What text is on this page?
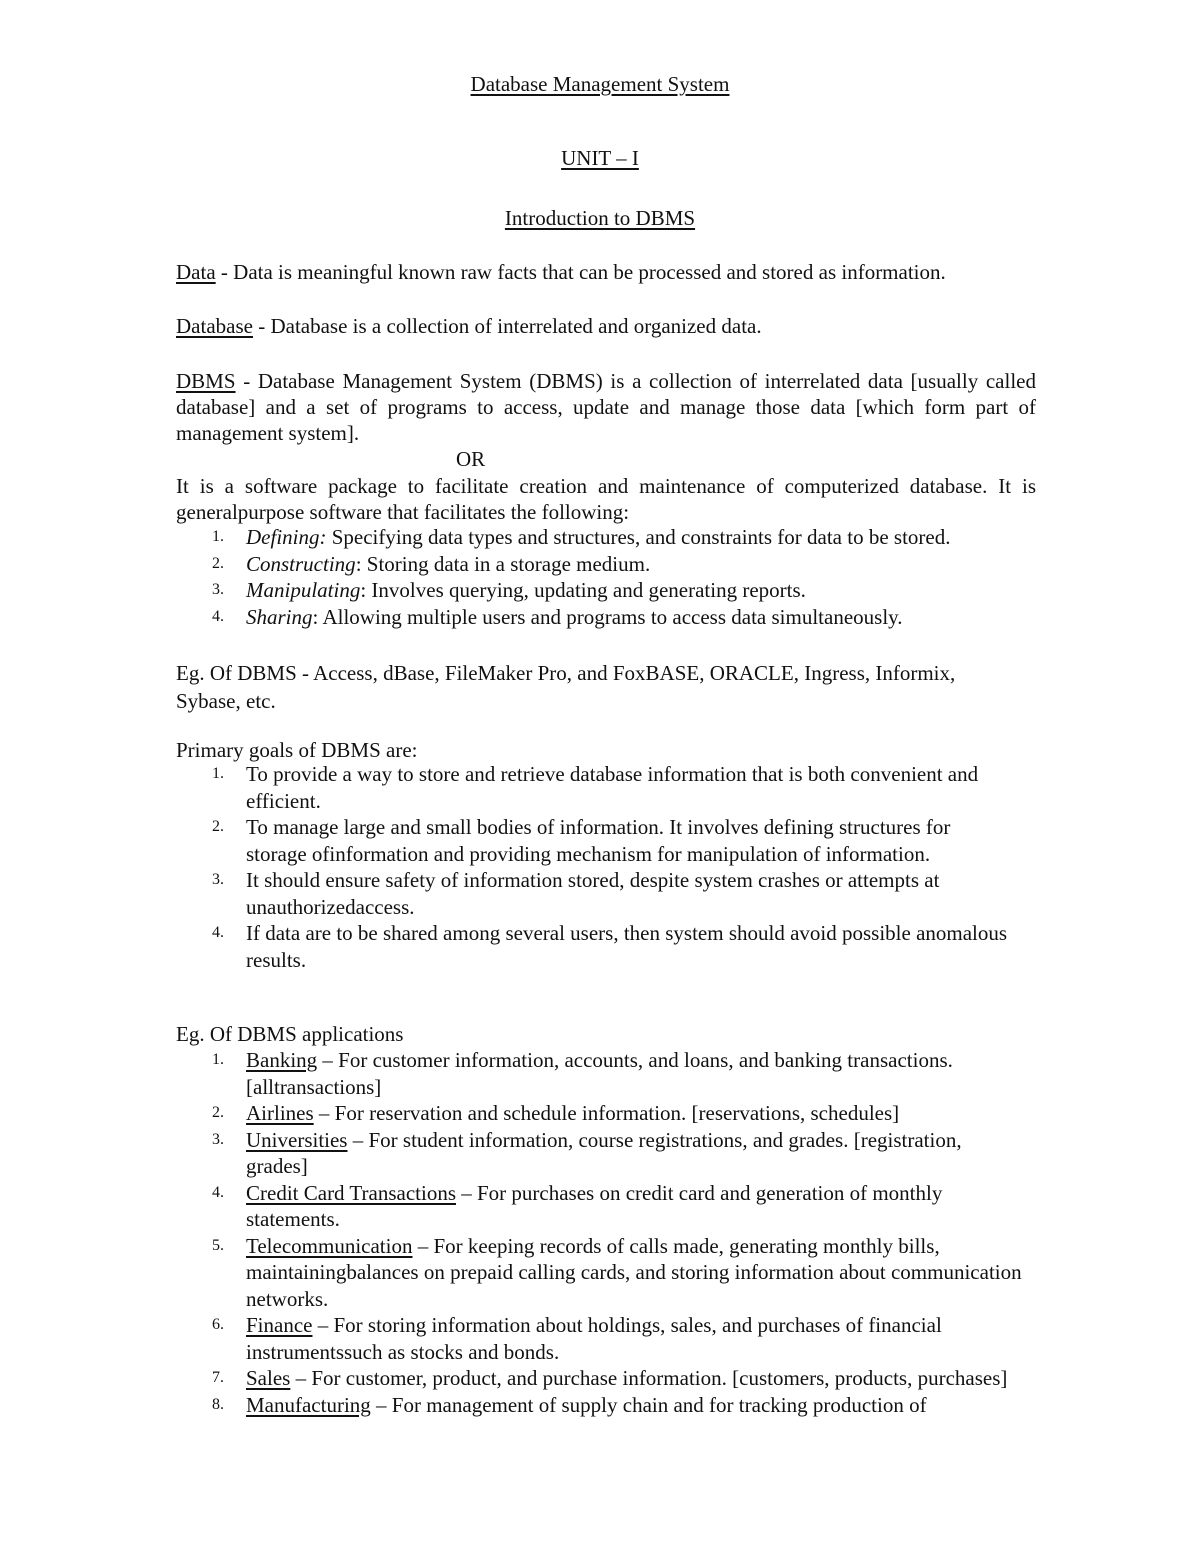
Database Management System
UNIT – I
Introduction to DBMS
Data - Data is meaningful known raw facts that can be processed and stored as information.
Database - Database is a collection of interrelated and organized data.
DBMS - Database Management System (DBMS) is a collection of interrelated data [usually called database] and a set of programs to access, update and manage those data [which form part of management system].
OR
It is a software package to facilitate creation and maintenance of computerized database. It is generalpurpose software that facilitates the following:
1. Defining: Specifying data types and structures, and constraints for data to be stored.
2. Constructing: Storing data in a storage medium.
3. Manipulating: Involves querying, updating and generating reports.
4. Sharing: Allowing multiple users and programs to access data simultaneously.
Eg. Of DBMS - Access, dBase, FileMaker Pro, and FoxBASE, ORACLE, Ingress, Informix, Sybase, etc.
Primary goals of DBMS are:
1. To provide a way to store and retrieve database information that is both convenient and efficient.
2. To manage large and small bodies of information. It involves defining structures for storage ofinformation and providing mechanism for manipulation of information.
3. It should ensure safety of information stored, despite system crashes or attempts at unauthorizedaccess.
4. If data are to be shared among several users, then system should avoid possible anomalous results.
Eg. Of DBMS applications
1. Banking – For customer information, accounts, and loans, and banking transactions. [alltransactions]
2. Airlines – For reservation and schedule information. [reservations, schedules]
3. Universities – For student information, course registrations, and grades. [registration, grades]
4. Credit Card Transactions – For purchases on credit card and generation of monthly statements.
5. Telecommunication – For keeping records of calls made, generating monthly bills, maintainingbalances on prepaid calling cards, and storing information about communication networks.
6. Finance – For storing information about holdings, sales, and purchases of financial instrumentssuch as stocks and bonds.
7. Sales – For customer, product, and purchase information. [customers, products, purchases]
8. Manufacturing – For management of supply chain and for tracking production of
